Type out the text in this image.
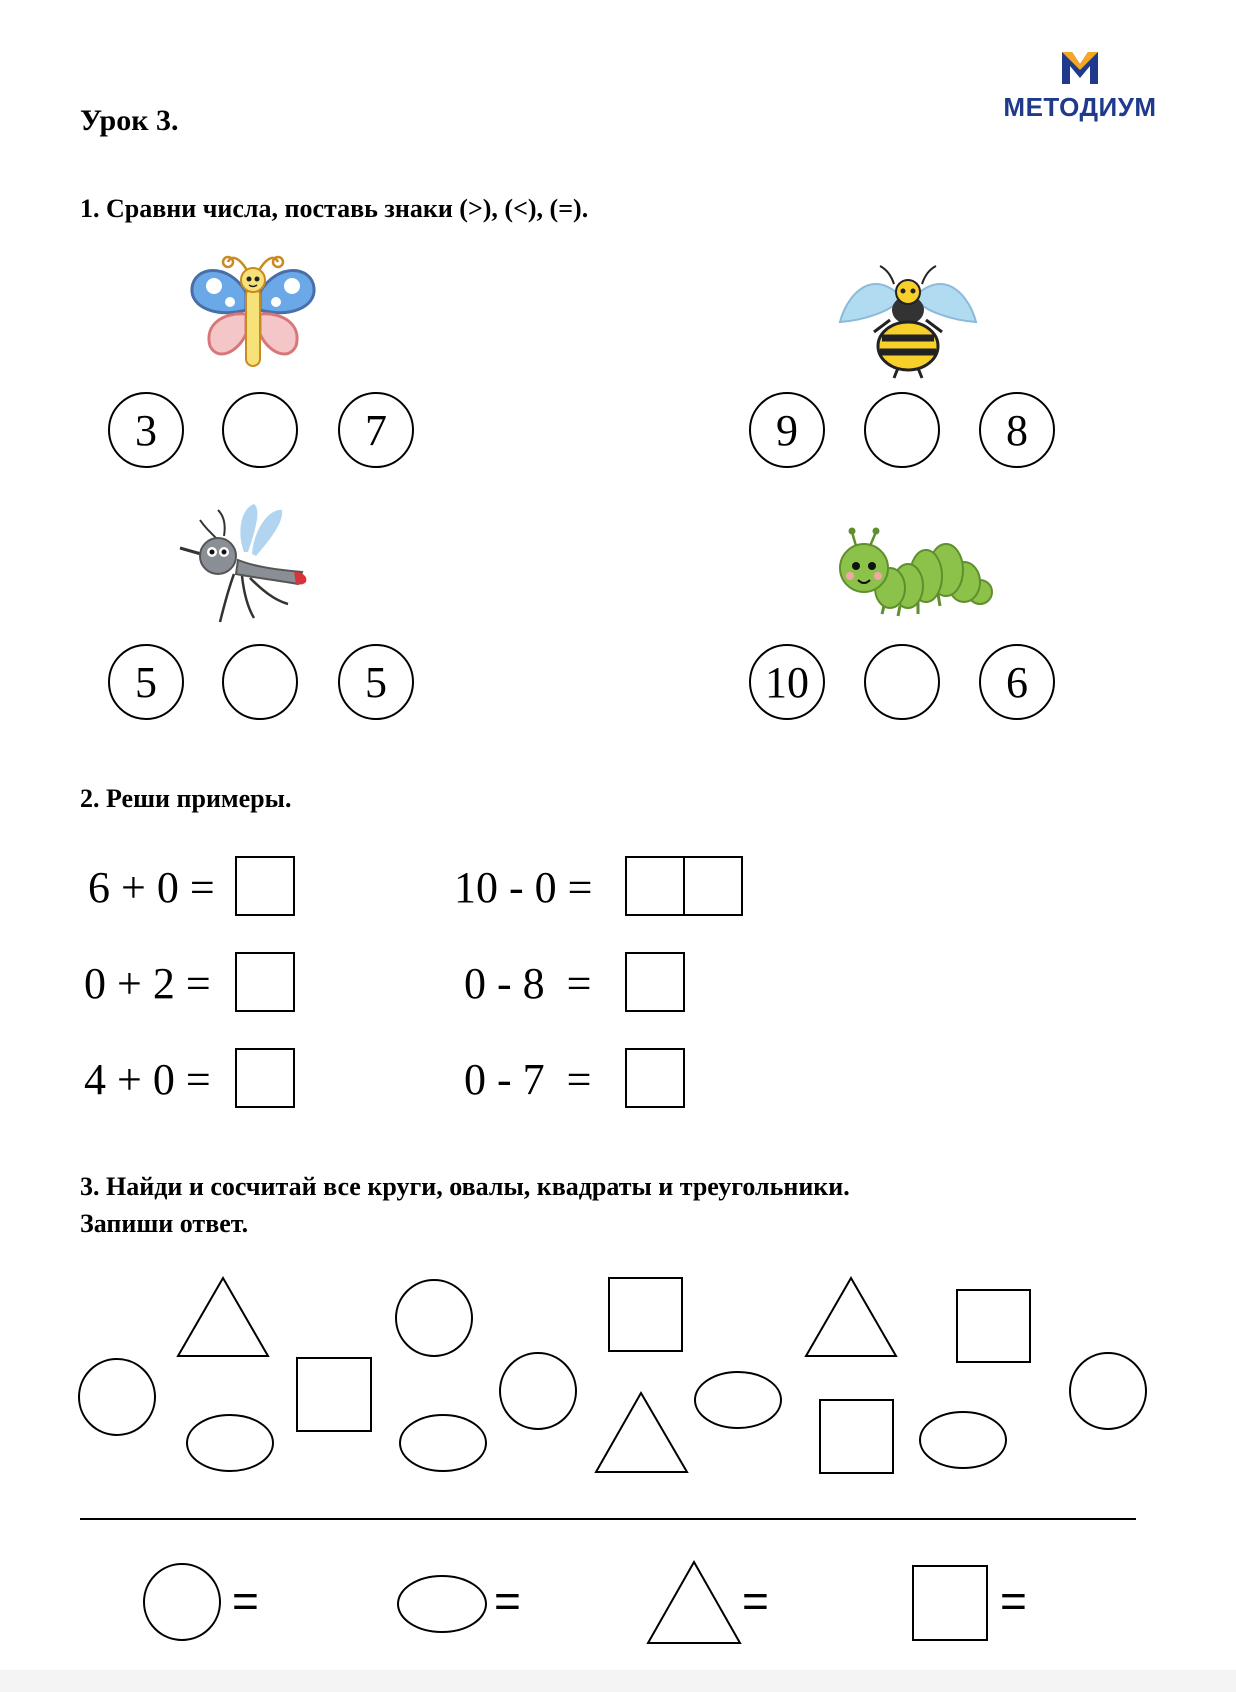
Урок 3.	МЕТОДИУМ
1. Сравни числа, поставь знаки (>), (<), (=).
3	7	9	8
5	5	10	6
2. Реши примеры.
6 + 0 =
0 + 2 =
4 + 0 =
10 - 0 =
0 - 8  =
0 - 7  =
3. Найди и сосчитай все круги, овалы, квадраты и треугольники.
Запиши ответ.
=	=	=	=
